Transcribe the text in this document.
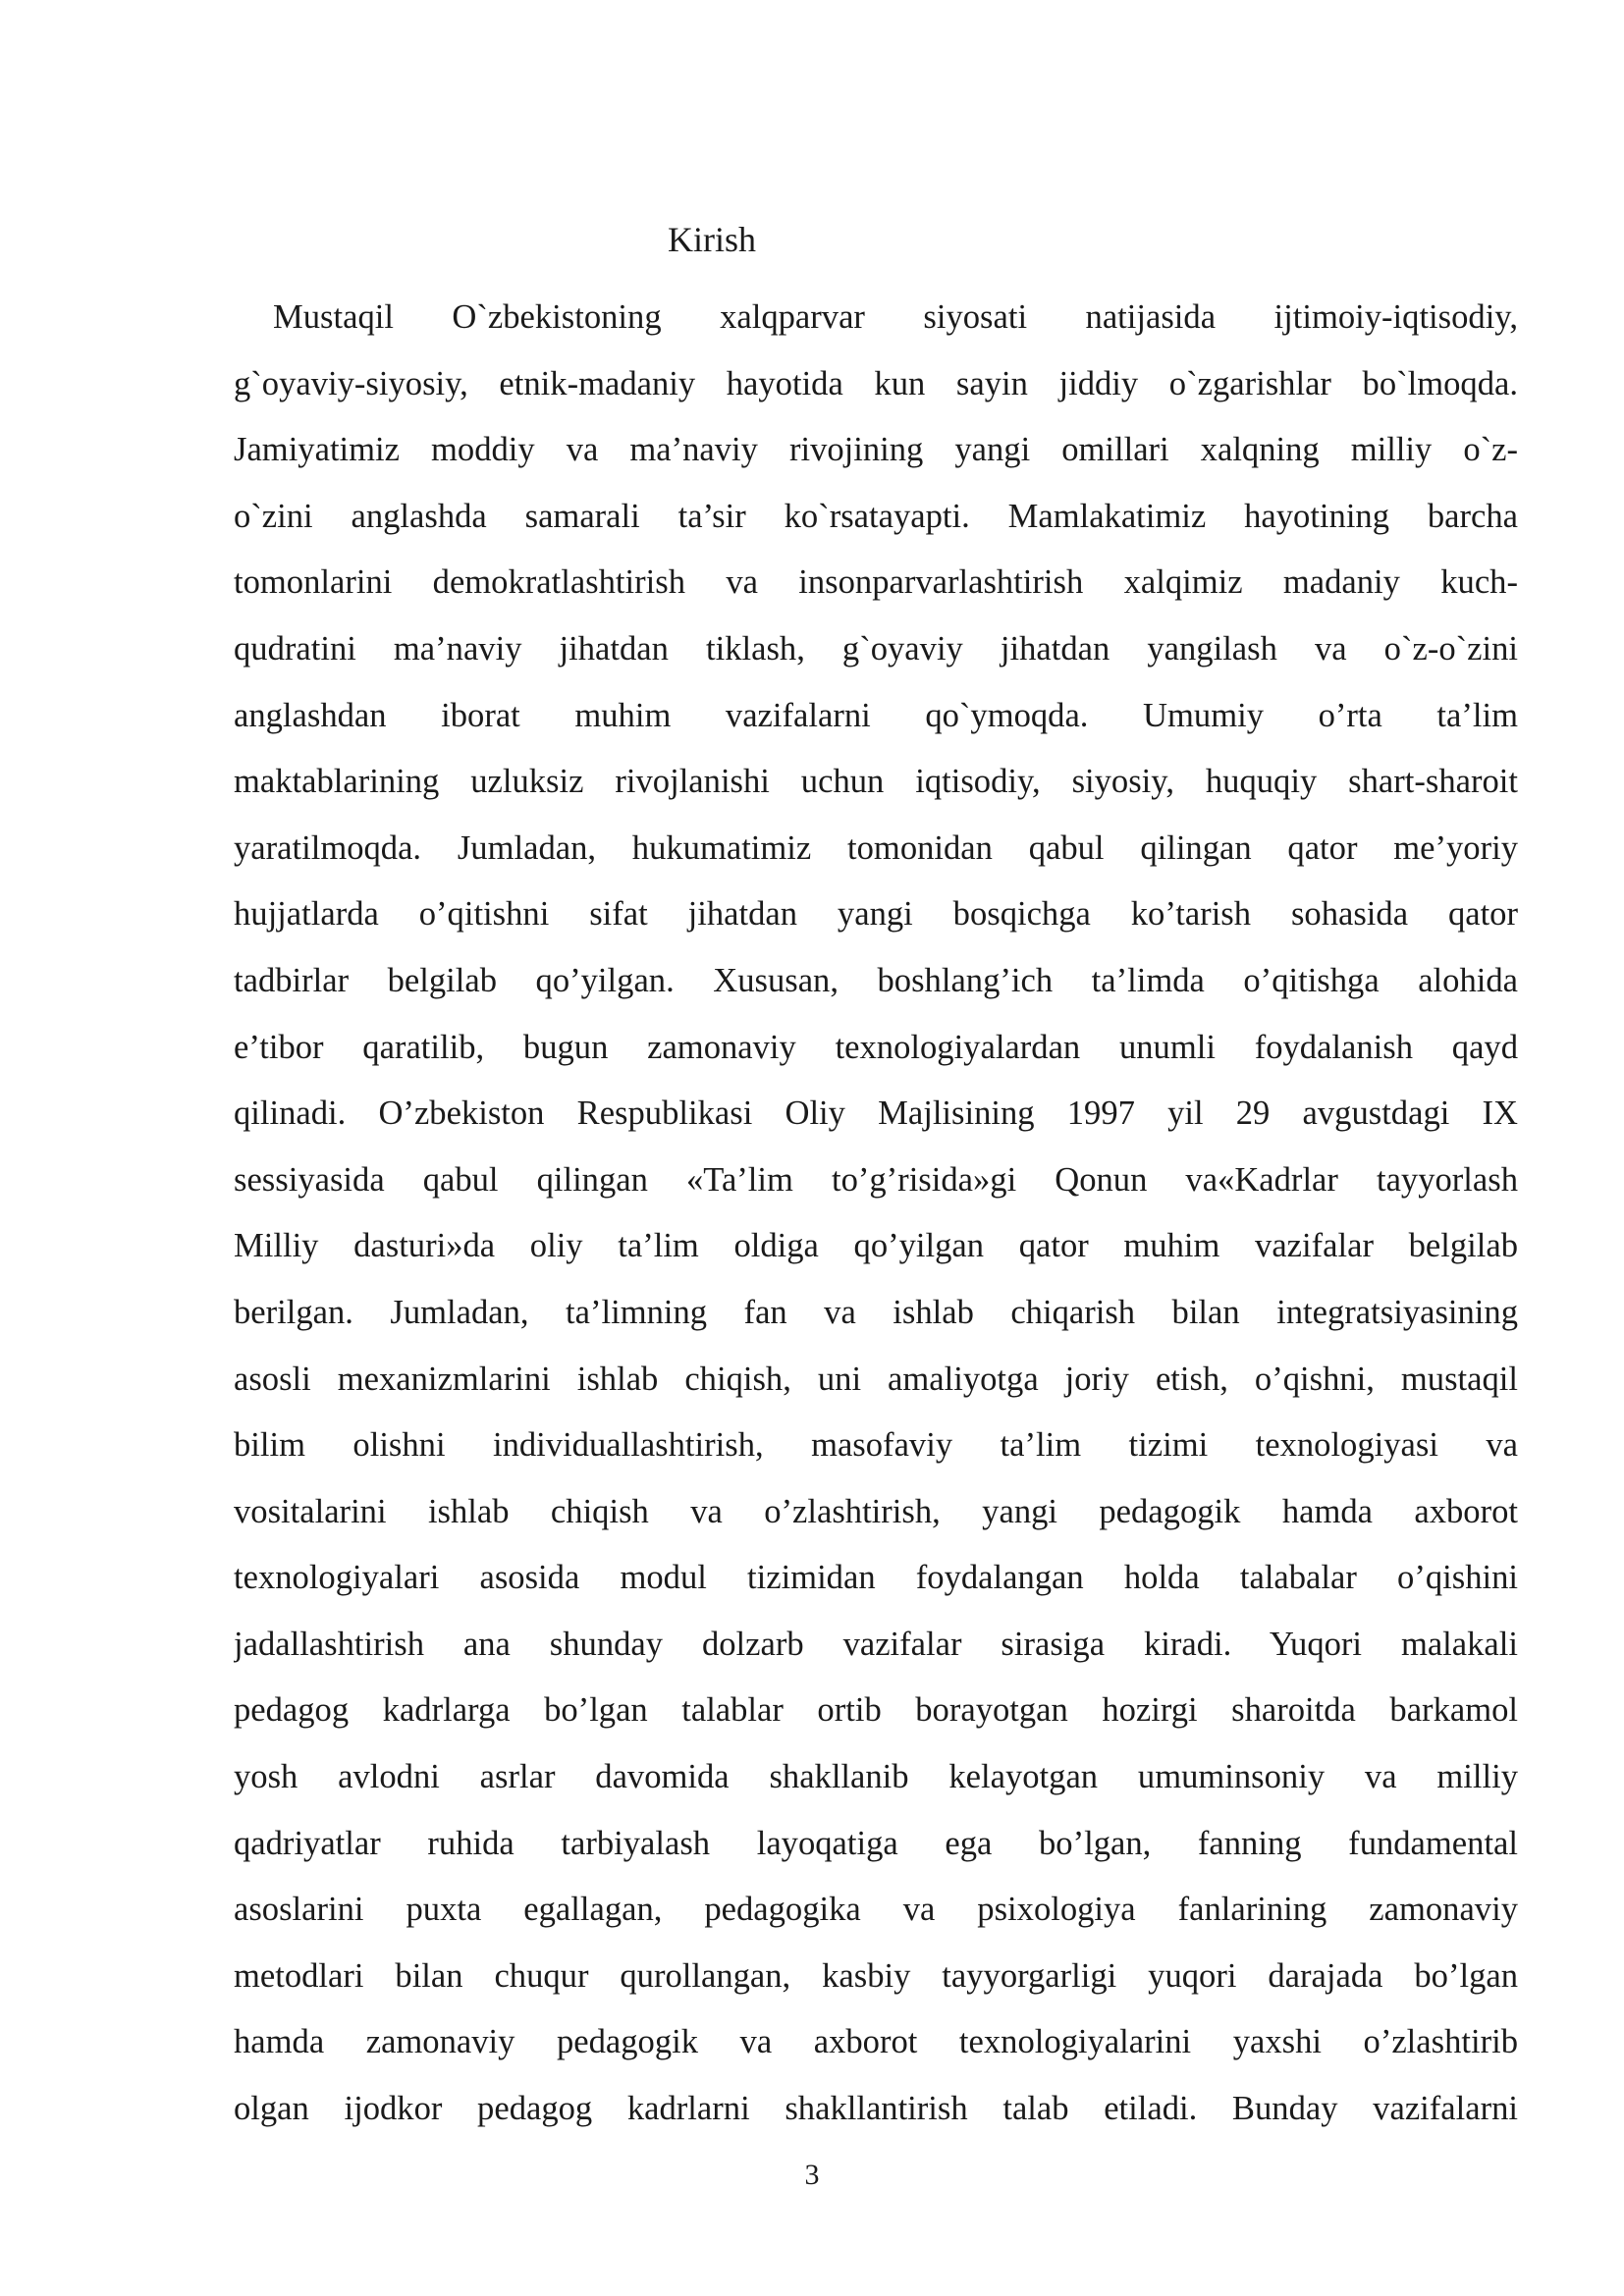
Kirish
Mustaqil O`zbekistoning xalqparvar siyosati natijasida ijtimoiy-iqtisodiy,
g`oyaviy-siyosiy, etnik-madaniy hayotida kun sayin jiddiy o`zgarishlar bo`lmoqda.
Jamiyatimiz moddiy va ma’naviy rivojining yangi omillari xalqning milliy o`z-
o`zini anglashda samarali ta’sir ko`rsatayapti. Mamlakatimiz hayotining barcha
tomonlarini demokratlashtirish va insonparvarlashtirish xalqimiz madaniy kuch-
qudratini ma’naviy jihatdan tiklash, g`oyaviy jihatdan yangilash va o`z-o`zini
anglashdan iborat muhim vazifalarni qo`ymoqda. Umumiy o’rta ta’lim
maktablarining uzluksiz rivojlanishi uchun iqtisodiy, siyosiy, huquqiy shart-sharoit
yaratilmoqda. Jumladan, hukumatimiz tomonidan qabul qilingan qator me’yoriy
hujjatlarda o’qitishni sifat jihatdan yangi bosqichga ko’tarish sohasida qator
tadbirlar belgilab qo’yilgan. Xususan, boshlang’ich ta’limda o’qitishga alohida
e’tibor qaratilib, bugun zamonaviy texnologiyalardan unumli foydalanish qayd
qilinadi. O’zbekiston Respublikasi Oliy Majlisining 1997 yil 29 avgustdagi IX
sessiyasida qabul qilingan «Ta’lim to’g’risida»gi Qonun va«Kadrlar tayyorlash
Milliy dasturi»da oliy ta’lim oldiga qo’yilgan qator muhim vazifalar belgilab
berilgan. Jumladan, ta’limning fan va ishlab chiqarish bilan integratsiyasining
asosli mexanizmlarini ishlab chiqish, uni amaliyotga joriy etish, o’qishni, mustaqil
bilim olishni individuallashtirish, masofaviy ta’lim tizimi texnologiyasi va
vositalarini ishlab chiqish va o’zlashtirish, yangi pedagogik hamda axborot
texnologiyalari asosida modul tizimidan foydalangan holda talabalar o’qishini
jadallashtirish ana shunday dolzarb vazifalar sirasiga kiradi. Yuqori malakali
pedagog kadrlarga bo’lgan talablar ortib borayotgan hozirgi sharoitda barkamol
yosh avlodni asrlar davomida shakllanib kelayotgan umuminsoniy va milliy
qadriyatlar ruhida tarbiyalash layoqatiga ega bo’lgan, fanning fundamental
asoslarini puxta egallagan, pedagogika va psixologiya fanlarining zamonaviy
metodlari bilan chuqur qurollangan, kasbiy tayyorgarligi yuqori darajada bo’lgan
hamda zamonaviy pedagogik va axborot texnologiyalarini yaxshi o’zlashtirib
olgan ijodkor pedagog kadrlarni shakllantirish talab etiladi. Bunday vazifalarni
3
